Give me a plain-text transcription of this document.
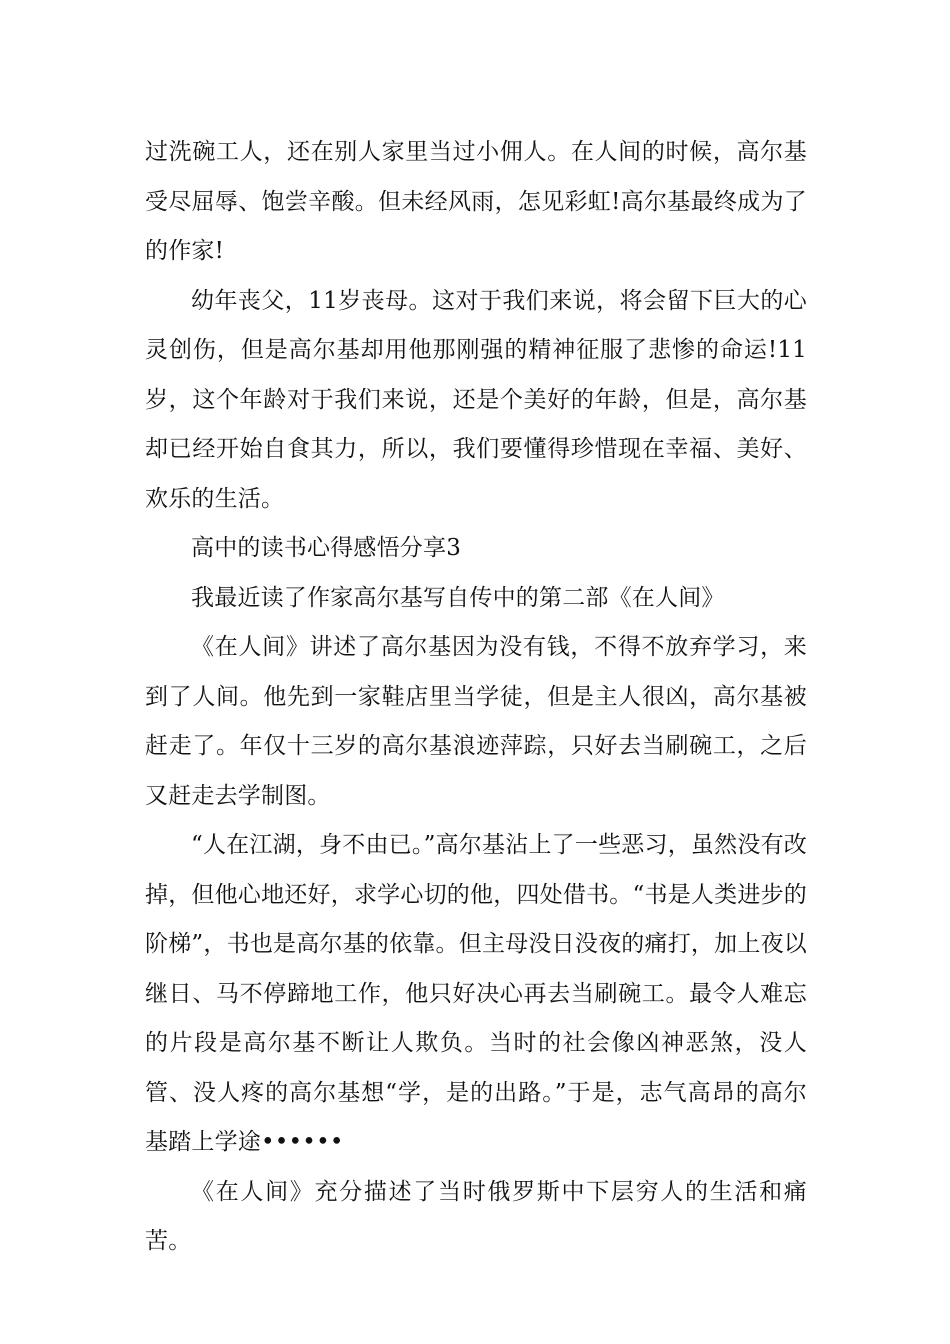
过洗碗工人，还在别人家里当过小佣人。在人间的时候，高尔基受尽屈辱、饱尝辛酸。但未经风雨，怎见彩虹!高尔基最终成为了的作家!

幼年丧父，11岁丧母。这对于我们来说，将会留下巨大的心灵创伤，但是高尔基却用他那刚强的精神征服了悲惨的命运!11岁，这个年龄对于我们来说，还是个美好的年龄，但是，高尔基却已经开始自食其力，所以，我们要懂得珍惜现在幸福、美好、欢乐的生活。

高中的读书心得感悟分享3

我最近读了作家高尔基写自传中的第二部《在人间》

《在人间》讲述了高尔基因为没有钱，不得不放弃学习，来到了人间。他先到一家鞋店里当学徒，但是主人很凶，高尔基被赶走了。年仅十三岁的高尔基浪迹萍踪，只好去当刷碗工，之后又赶走去学制图。

“人在江湖，身不由已。”高尔基沾上了一些恶习，虽然没有改掉，但他心地还好，求学心切的他，四处借书。“书是人类进步的阶梯”，书也是高尔基的依靠。但主母没日没夜的痛打，加上夜以继日、马不停蹄地工作，他只好决心再去当刷碗工。最令人难忘的片段是高尔基不断让人欺负。当时的社会像凶神恶煞，没人管、没人疼的高尔基想“学，是的出路。”于是，志气高昂的高尔基踏上学途••••••

《在人间》充分描述了当时俄罗斯中下层穷人的生活和痛苦。
